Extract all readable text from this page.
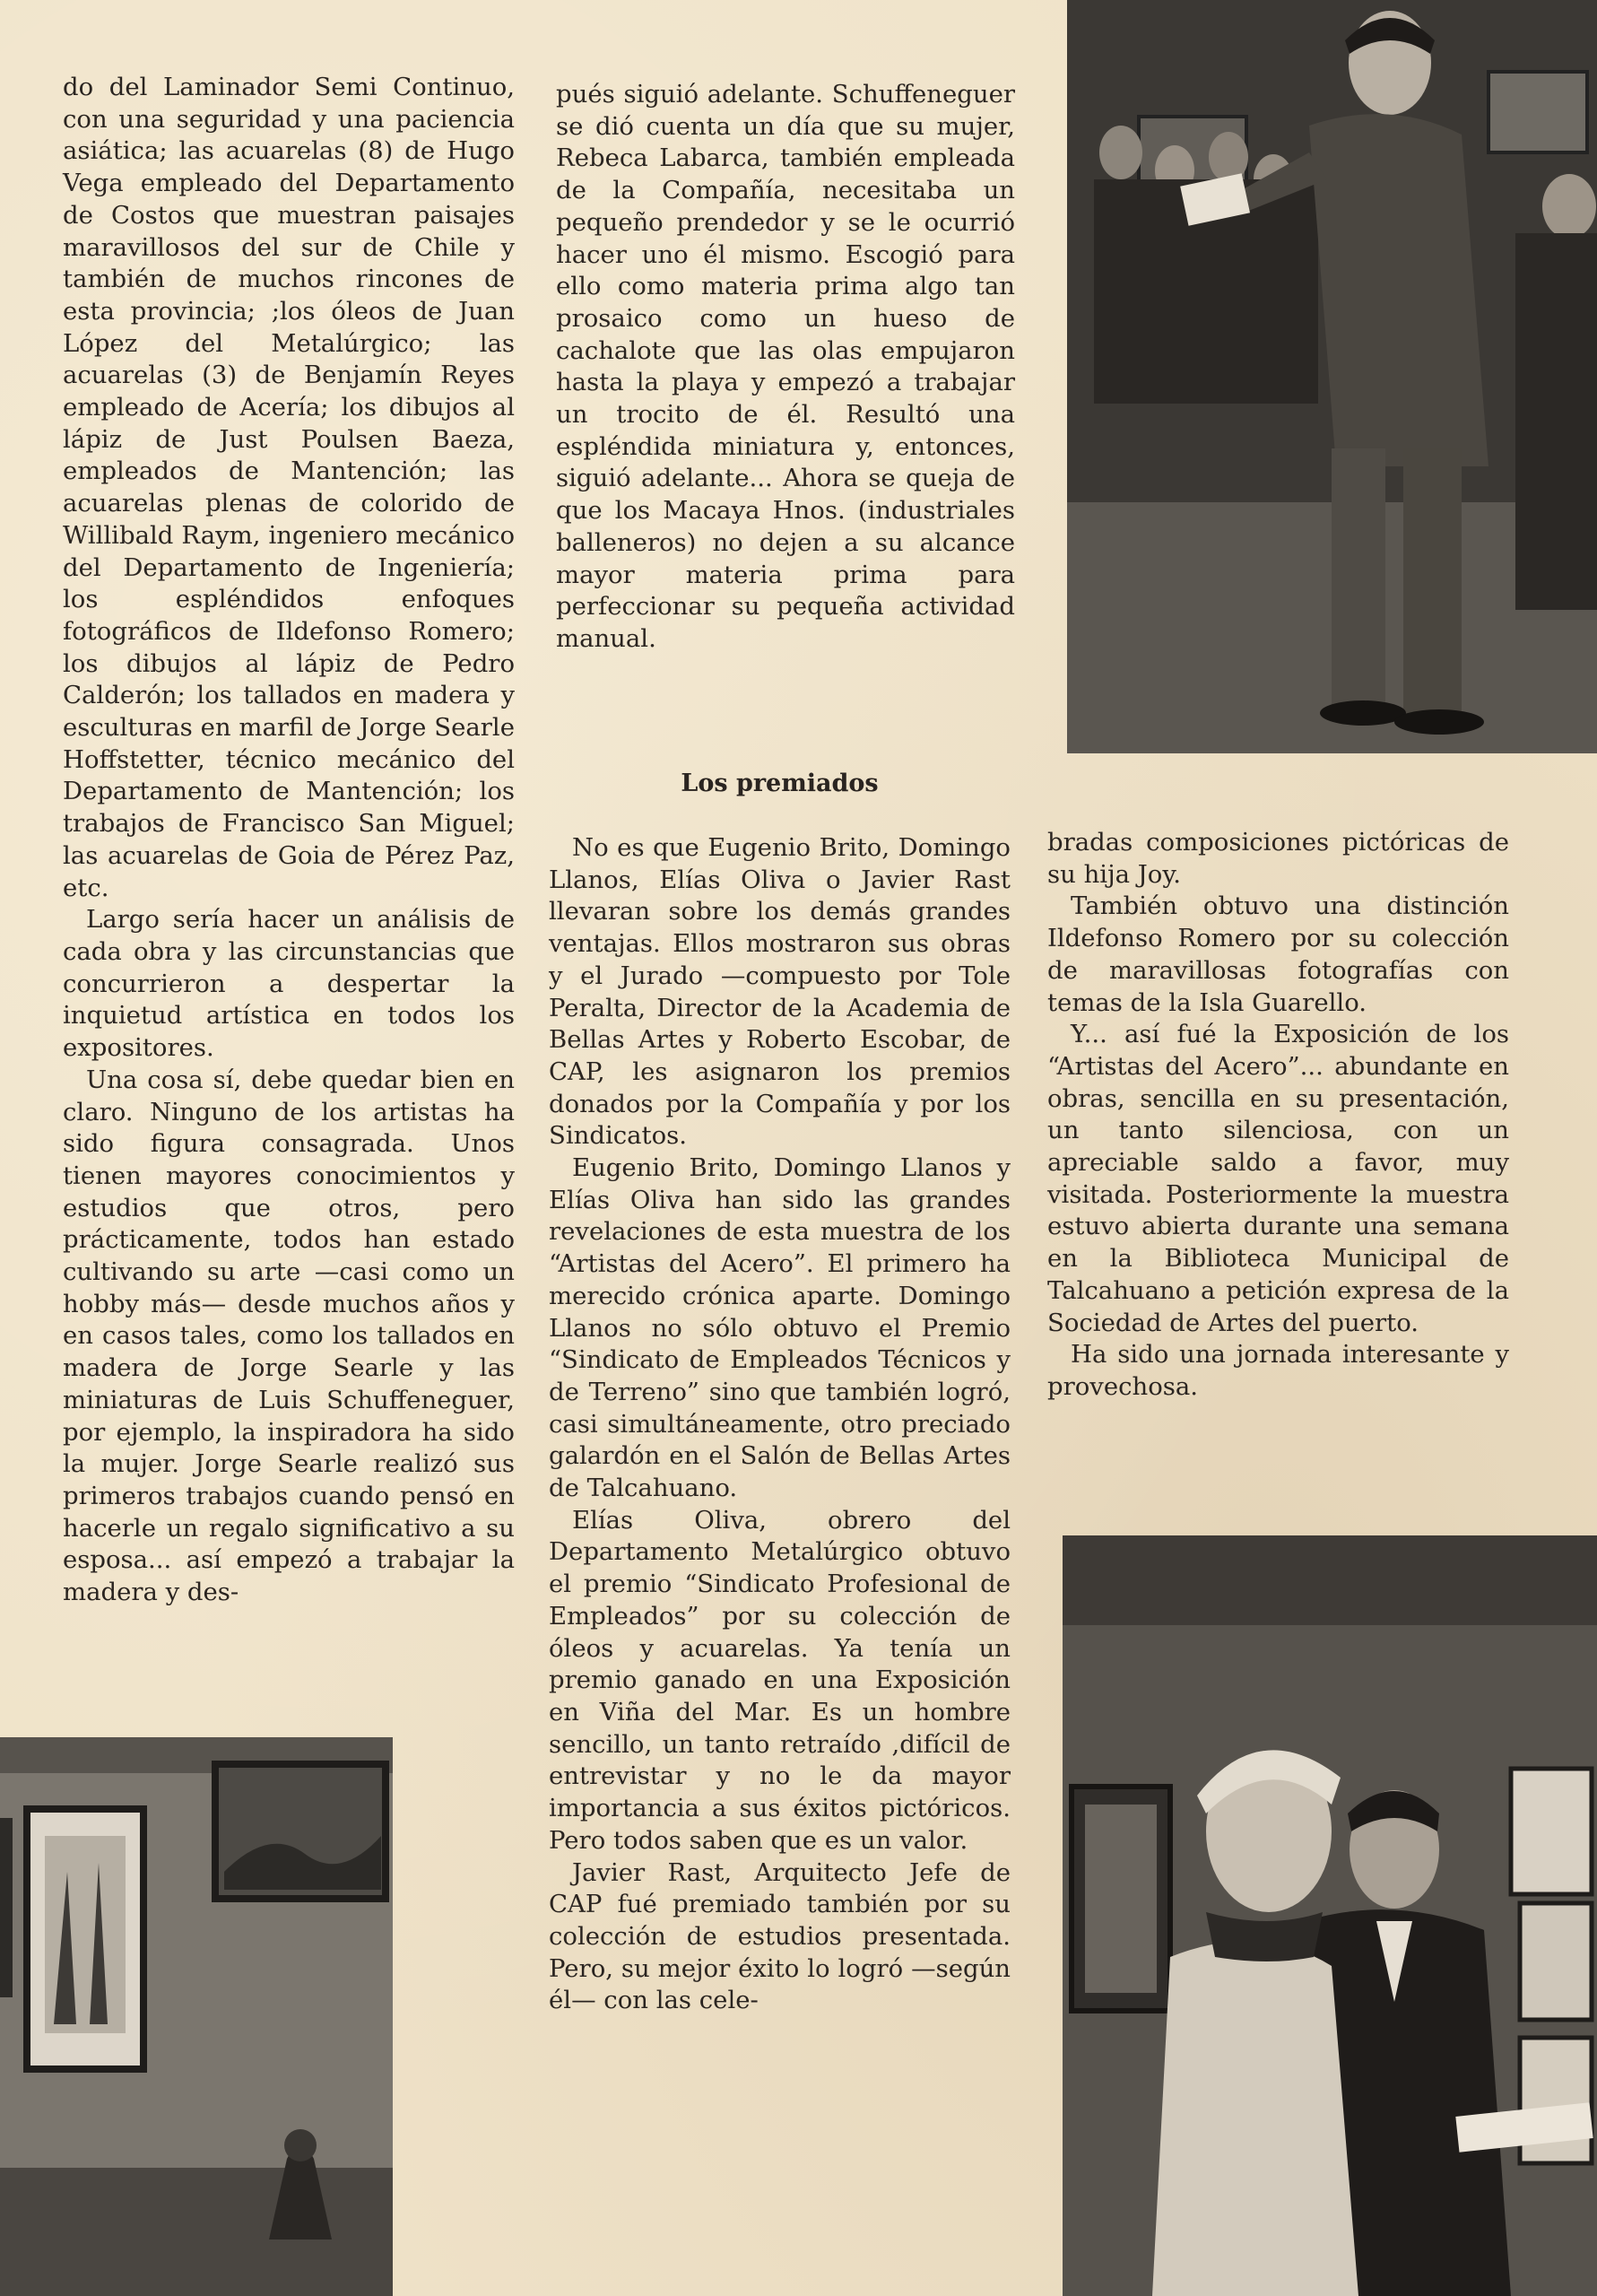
do del Laminador Semi Continuo, con una seguridad y una paciencia asiática; las acuarelas (8) de Hugo Vega empleado del Departamento de Costos que muestran paisajes maravillosos del sur de Chile y también de muchos rincones de esta provincia; ;los óleos de Juan López del Metalúrgico; las acuarelas (3) de Benjamín Reyes empleado de Acería; los dibujos al lápiz de Just Poulsen Baeza, empleados de Mantención; las acuarelas plenas de colorido de Willibald Raym, ingeniero mecánico del Departamento de Ingeniería; los espléndidos enfoques fotográficos de Ildefonso Romero; los dibujos al lápiz de Pedro Calderón; los tallados en madera y esculturas en marfil de Jorge Searle Hoffstetter, técnico mecánico del Departamento de Mantención; los trabajos de Francisco San Miguel; las acuarelas de Goia de Pérez Paz, etc.

Largo sería hacer un análisis de cada obra y las circunstancias que concurrieron a despertar la inquietud artística en todos los expositores.

Una cosa sí, debe quedar bien en claro. Ninguno de los artistas ha sido figura consagrada. Unos tienen mayores conocimientos y estudios que otros, pero prácticamente, todos han estado cultivando su arte —casi como un hobby más— desde muchos años y en casos tales, como los tallados en madera de Jorge Searle y las miniaturas de Luis Schuffeneguer, por ejemplo, la inspiradora ha sido la mujer. Jorge Searle realizó sus primeros trabajos cuando pensó en hacerle un regalo significativo a su esposa... así empezó a trabajar la madera y des-

pués siguió adelante. Schuffeneguer se dió cuenta un día que su mujer, Rebeca Labarca, también empleada de la Compañía, necesitaba un pequeño prendedor y se le ocurrió hacer uno él mismo. Escogió para ello como materia prima algo tan prosaico como un hueso de cachalote que las olas empujaron hasta la playa y empezó a trabajar un trocito de él. Resultó una espléndida miniatura y, entonces, siguió adelante... Ahora se queja de que los Macaya Hnos. (industriales balleneros) no dejen a su alcance mayor materia prima para perfeccionar su pequeña actividad manual.

Los premiados

No es que Eugenio Brito, Domingo Llanos, Elías Oliva o Javier Rast llevaran sobre los demás grandes ventajas. Ellos mostraron sus obras y el Jurado —compuesto por Tole Peralta, Director de la Academia de Bellas Artes y Roberto Escobar, de CAP, les asignaron los premios donados por la Compañía y por los Sindicatos.

Eugenio Brito, Domingo Llanos y Elías Oliva han sido las grandes revelaciones de esta muestra de los “Artistas del Acero”. El primero ha merecido crónica aparte. Domingo Llanos no sólo obtuvo el Premio “Sindicato de Empleados Técnicos y de Terreno” sino que también logró, casi simultáneamente, otro preciado galardón en el Salón de Bellas Artes de Talcahuano.

Elías Oliva, obrero del Departamento Metalúrgico obtuvo el premio “Sindicato Profesional de Empleados” por su colección de óleos y acuarelas. Ya tenía un premio ganado en una Exposición en Viña del Mar. Es un hombre sencillo, un tanto retraído ,difícil de entrevistar y no le da mayor importancia a sus éxitos pictóricos. Pero todos saben que es un valor.

Javier Rast, Arquitecto Jefe de CAP fué premiado también por su colección de estudios presentada. Pero, su mejor éxito lo logró —según él— con las cele-

bradas composiciones pictóricas de su hija Joy.

También obtuvo una distinción Ildefonso Romero por su colección de maravillosas fotografías con temas de la Isla Guarello.

Y... así fué la Exposición de los “Artistas del Acero”... abundante en obras, sencilla en su presentación, un tanto silenciosa, con un apreciable saldo a favor, muy visitada. Posteriormente la muestra estuvo abierta durante una semana en la Biblioteca Municipal de Talcahuano a petición expresa de la Sociedad de Artes del puerto.

Ha sido una jornada interesante y provechosa.
